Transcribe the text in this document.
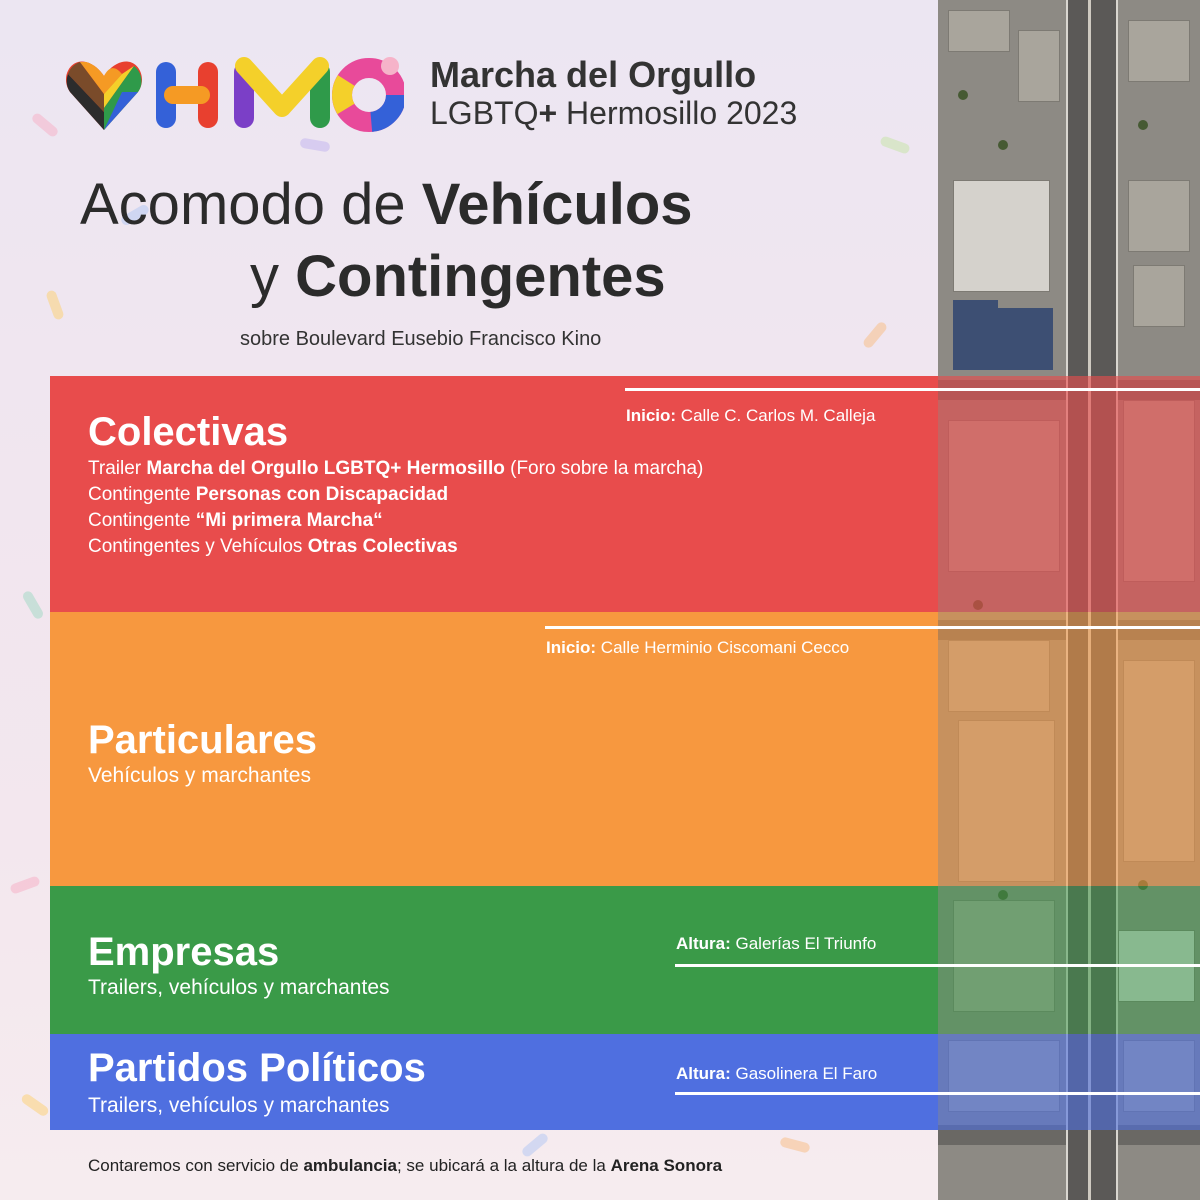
Marcha del Orgullo
LGBTQ+ Hermosillo 2023
Acomodo de Vehículos
y Contingentes
sobre Boulevard Eusebio Francisco Kino
Colectivas
Trailer Marcha del Orgullo LGBTQ+ Hermosillo (Foro sobre la marcha)
Contingente Personas con Discapacidad
Contingente “Mi primera Marcha“
Contingentes y Vehículos Otras Colectivas
Inicio: Calle C. Carlos M. Calleja
Particulares
Vehículos y marchantes
Inicio: Calle Herminio Ciscomani Cecco
Empresas
Trailers, vehículos y marchantes
Altura: Galerías El Triunfo
Partidos Políticos
Trailers, vehículos y marchantes
Altura: Gasolinera El Faro
Contaremos con servicio de ambulancia; se ubicará a la altura de la Arena Sonora
